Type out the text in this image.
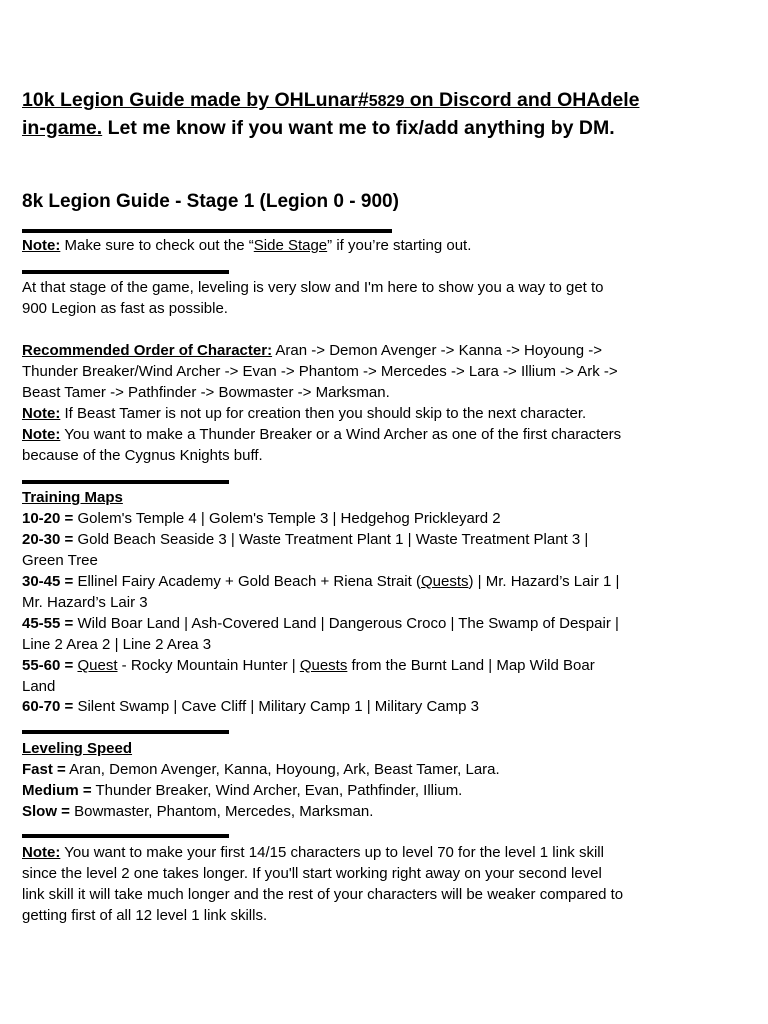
10k Legion Guide made by OHLunar#5829 on Discord and OHAdele
in-game. Let me know if you want me to fix/add anything by DM.
8k Legion Guide - Stage 1 (Legion 0 - 900)
Note: Make sure to check out the “Side Stage” if you’re starting out.
At that stage of the game, leveling is very slow and I'm here to show you a way to get to
900 Legion as fast as possible.
Recommended Order of Character: Aran -> Demon Avenger -> Kanna -> Hoyoung ->
Thunder Breaker/Wind Archer -> Evan -> Phantom -> Mercedes -> Lara -> Illium -> Ark ->
Beast Tamer -> Pathfinder -> Bowmaster -> Marksman.
Note: If Beast Tamer is not up for creation then you should skip to the next character.
Note: You want to make a Thunder Breaker or a Wind Archer as one of the first characters
because of the Cygnus Knights buff.
Training Maps
10-20 = Golem's Temple 4 | Golem's Temple 3 | Hedgehog Prickleyard 2
20-30 = Gold Beach Seaside 3 | Waste Treatment Plant 1 | Waste Treatment Plant 3 |
Green Tree
30-45 = Ellinel Fairy Academy + Gold Beach + Riena Strait (Quests) | Mr. Hazard’s Lair 1 |
Mr. Hazard’s Lair 3
45-55 = Wild Boar Land | Ash-Covered Land | Dangerous Croco | The Swamp of Despair |
Line 2 Area 2 | Line 2 Area 3
55-60 = Quest - Rocky Mountain Hunter | Quests from the Burnt Land | Map Wild Boar
Land
60-70 = Silent Swamp | Cave Cliff | Military Camp 1 | Military Camp 3
Leveling Speed
Fast = Aran, Demon Avenger, Kanna, Hoyoung, Ark, Beast Tamer, Lara.
Medium = Thunder Breaker, Wind Archer, Evan, Pathfinder, Illium.
Slow = Bowmaster, Phantom, Mercedes, Marksman.
Note: You want to make your first 14/15 characters up to level 70 for the level 1 link skill
since the level 2 one takes longer. If you'll start working right away on your second level
link skill it will take much longer and the rest of your characters will be weaker compared to
getting first of all 12 level 1 link skills.
